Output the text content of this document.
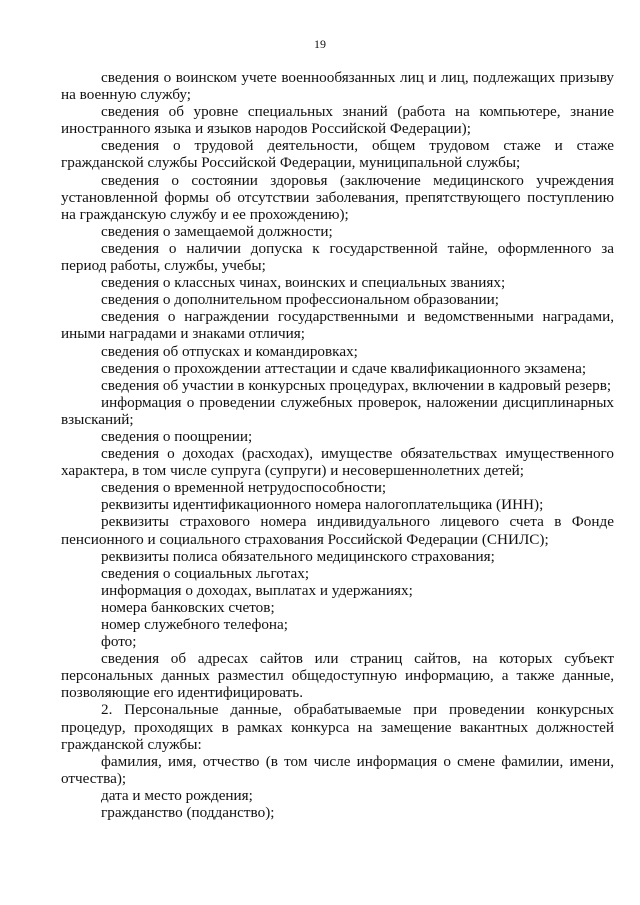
19

сведения о воинском учете военнообязанных лиц и лиц, подлежащих призыву на военную службу;

сведения об уровне специальных знаний (работа на компьютере, знание иностранного языка и языков народов Российской Федерации);

сведения о трудовой деятельности, общем трудовом стаже и стаже гражданской службы Российской Федерации, муниципальной службы;

сведения о состоянии здоровья (заключение медицинского учреждения установленной формы об отсутствии заболевания, препятствующего поступлению на гражданскую службу и ее прохождению);

сведения о замещаемой должности;

сведения о наличии допуска к государственной тайне, оформленного за период работы, службы, учебы;

сведения о классных чинах, воинских и специальных званиях;

сведения о дополнительном профессиональном образовании;

сведения о награждении государственными и ведомственными наградами, иными наградами и знаками отличия;

сведения об отпусках и командировках;

сведения о прохождении аттестации и сдаче квалификационного экзамена;

сведения об участии в конкурсных процедурах, включении в кадровый резерв;

информация о проведении служебных проверок, наложении дисциплинарных взысканий;

сведения о поощрении;

сведения о доходах (расходах), имуществе обязательствах имущественного характера, в том числе супруга (супруги) и несовершеннолетних детей;

сведения о временной нетрудоспособности;

реквизиты идентификационного номера налогоплательщика (ИНН);

реквизиты страхового номера индивидуального лицевого счета в Фонде пенсионного и социального страхования Российской Федерации (СНИЛС);

реквизиты полиса обязательного медицинского страхования;

сведения о социальных льготах;

информация о доходах, выплатах и удержаниях;

номера банковских счетов;

номер служебного телефона;

фото;

сведения об адресах сайтов или страниц сайтов, на которых субъект персональных данных разместил общедоступную информацию, а также данные, позволяющие его идентифицировать.

2. Персональные данные, обрабатываемые при проведении конкурсных процедур, проходящих в рамках конкурса на замещение вакантных должностей гражданской службы:

фамилия, имя, отчество (в том числе информация о смене фамилии, имени, отчества);

дата и место рождения;

гражданство (подданство);
